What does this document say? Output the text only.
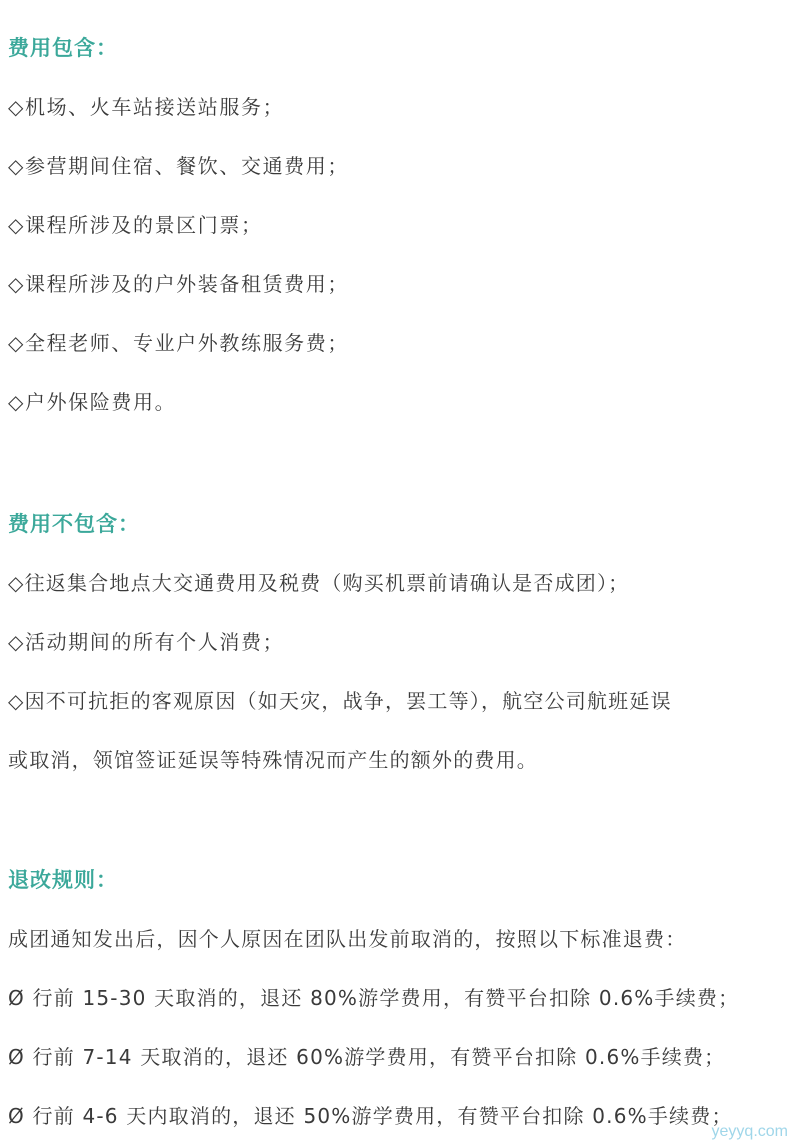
费用包含：
◇机场、火车站接送站服务；
◇参营期间住宿、餐饮、交通费用；
◇课程所涉及的景区门票；
◇课程所涉及的户外装备租赁费用；
◇全程老师、专业户外教练服务费；
◇户外保险费用。
费用不包含：
◇往返集合地点大交通费用及税费（购买机票前请确认是否成团）；
◇活动期间的所有个人消费；
◇因不可抗拒的客观原因（如天灾，战争，罢工等），航空公司航班延误
或取消，领馆签证延误等特殊情况而产生的额外的费用。
退改规则：
成团通知发出后，因个人原因在团队出发前取消的，按照以下标准退费：
Ø 行前 15-30 天取消的，退还 80%游学费用，有赞平台扣除 0.6%手续费；
Ø 行前 7-14 天取消的，退还 60%游学费用，有赞平台扣除 0.6%手续费；
Ø 行前 4-6 天内取消的，退还 50%游学费用，有赞平台扣除 0.6%手续费；
yeyyq.com
